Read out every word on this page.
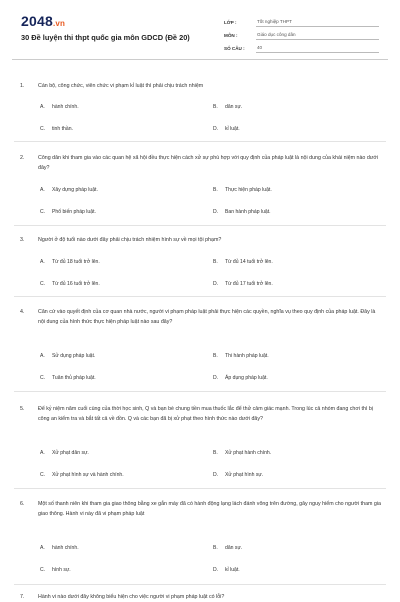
2048.vn
30 Đề luyện thi thpt quốc gia môn GDCD (Đề 20)
LỚP :	Tốt nghiệp THPT
MÔN :	Giáo dục công dân
SỐ CÂU :	40
1.	Cán bộ, công chức, viên chức vi phạm kỉ luật thì phải chịu trách nhiệm
A. hành chính.	B. dân sự.
C. tinh thần.	D. kỉ luật.
2.	Công dân khi tham gia vào các quan hệ xã hội đều thực hiện cách xử sự phù hợp với quy định của pháp luật là nội dung của khái niệm nào dưới đây?
A. Xây dựng pháp luật.	B. Thực hiện pháp luật.
C. Phổ biến pháp luật.	D. Ban hành pháp luật.
3.	Người ở độ tuổi nào dưới đây phải chịu trách nhiệm hình sự về mọi tội phạm?
A. Từ đủ 18 tuổi trở lên.	B. Từ đủ 14 tuổi trở lên.
C. Từ đủ 16 tuổi trở lên.	D. Từ đủ 17 tuổi trở lên.
4.	Căn cứ vào quyết định của cơ quan nhà nước, người vi phạm pháp luật phải thực hiện các quyền, nghĩa vụ theo quy định của pháp luật. Đây là nội dung của hình thức thực hiện pháp luật nào sau đây?
A. Sử dụng pháp luật.	B. Thi hành pháp luật.
C. Tuân thủ pháp luật.	D. Áp dụng pháp luật.
5.	Để kỷ niệm năm cuối cùng của thời học sinh, Q và bạn bè chung tiền mua thuốc lắc để thử cảm giác mạnh. Trong lúc cả nhóm đang chơi thì bị công an kiểm tra và bắt tất cả về đồn. Q và các bạn đã bị xử phạt theo hình thức nào dưới đây?
A. Xử phạt dân sự.	B. Xử phạt hành chính.
C. Xử phạt hình sự và hành chính.	D. Xử phạt hình sự.
6.	Một số thanh niên khi tham gia giao thông bằng xe gắn máy đã có hành động lạng lách đánh võng trên đường, gây nguy hiểm cho người tham gia giao thông. Hành vi này đã vi phạm pháp luật
A. hành chính.	B. dân sự.
C. hình sự.	D. kỉ luật.
7.	Hành vi nào dưới đây không biểu hiện cho việc người vi phạm pháp luật có lỗi?
